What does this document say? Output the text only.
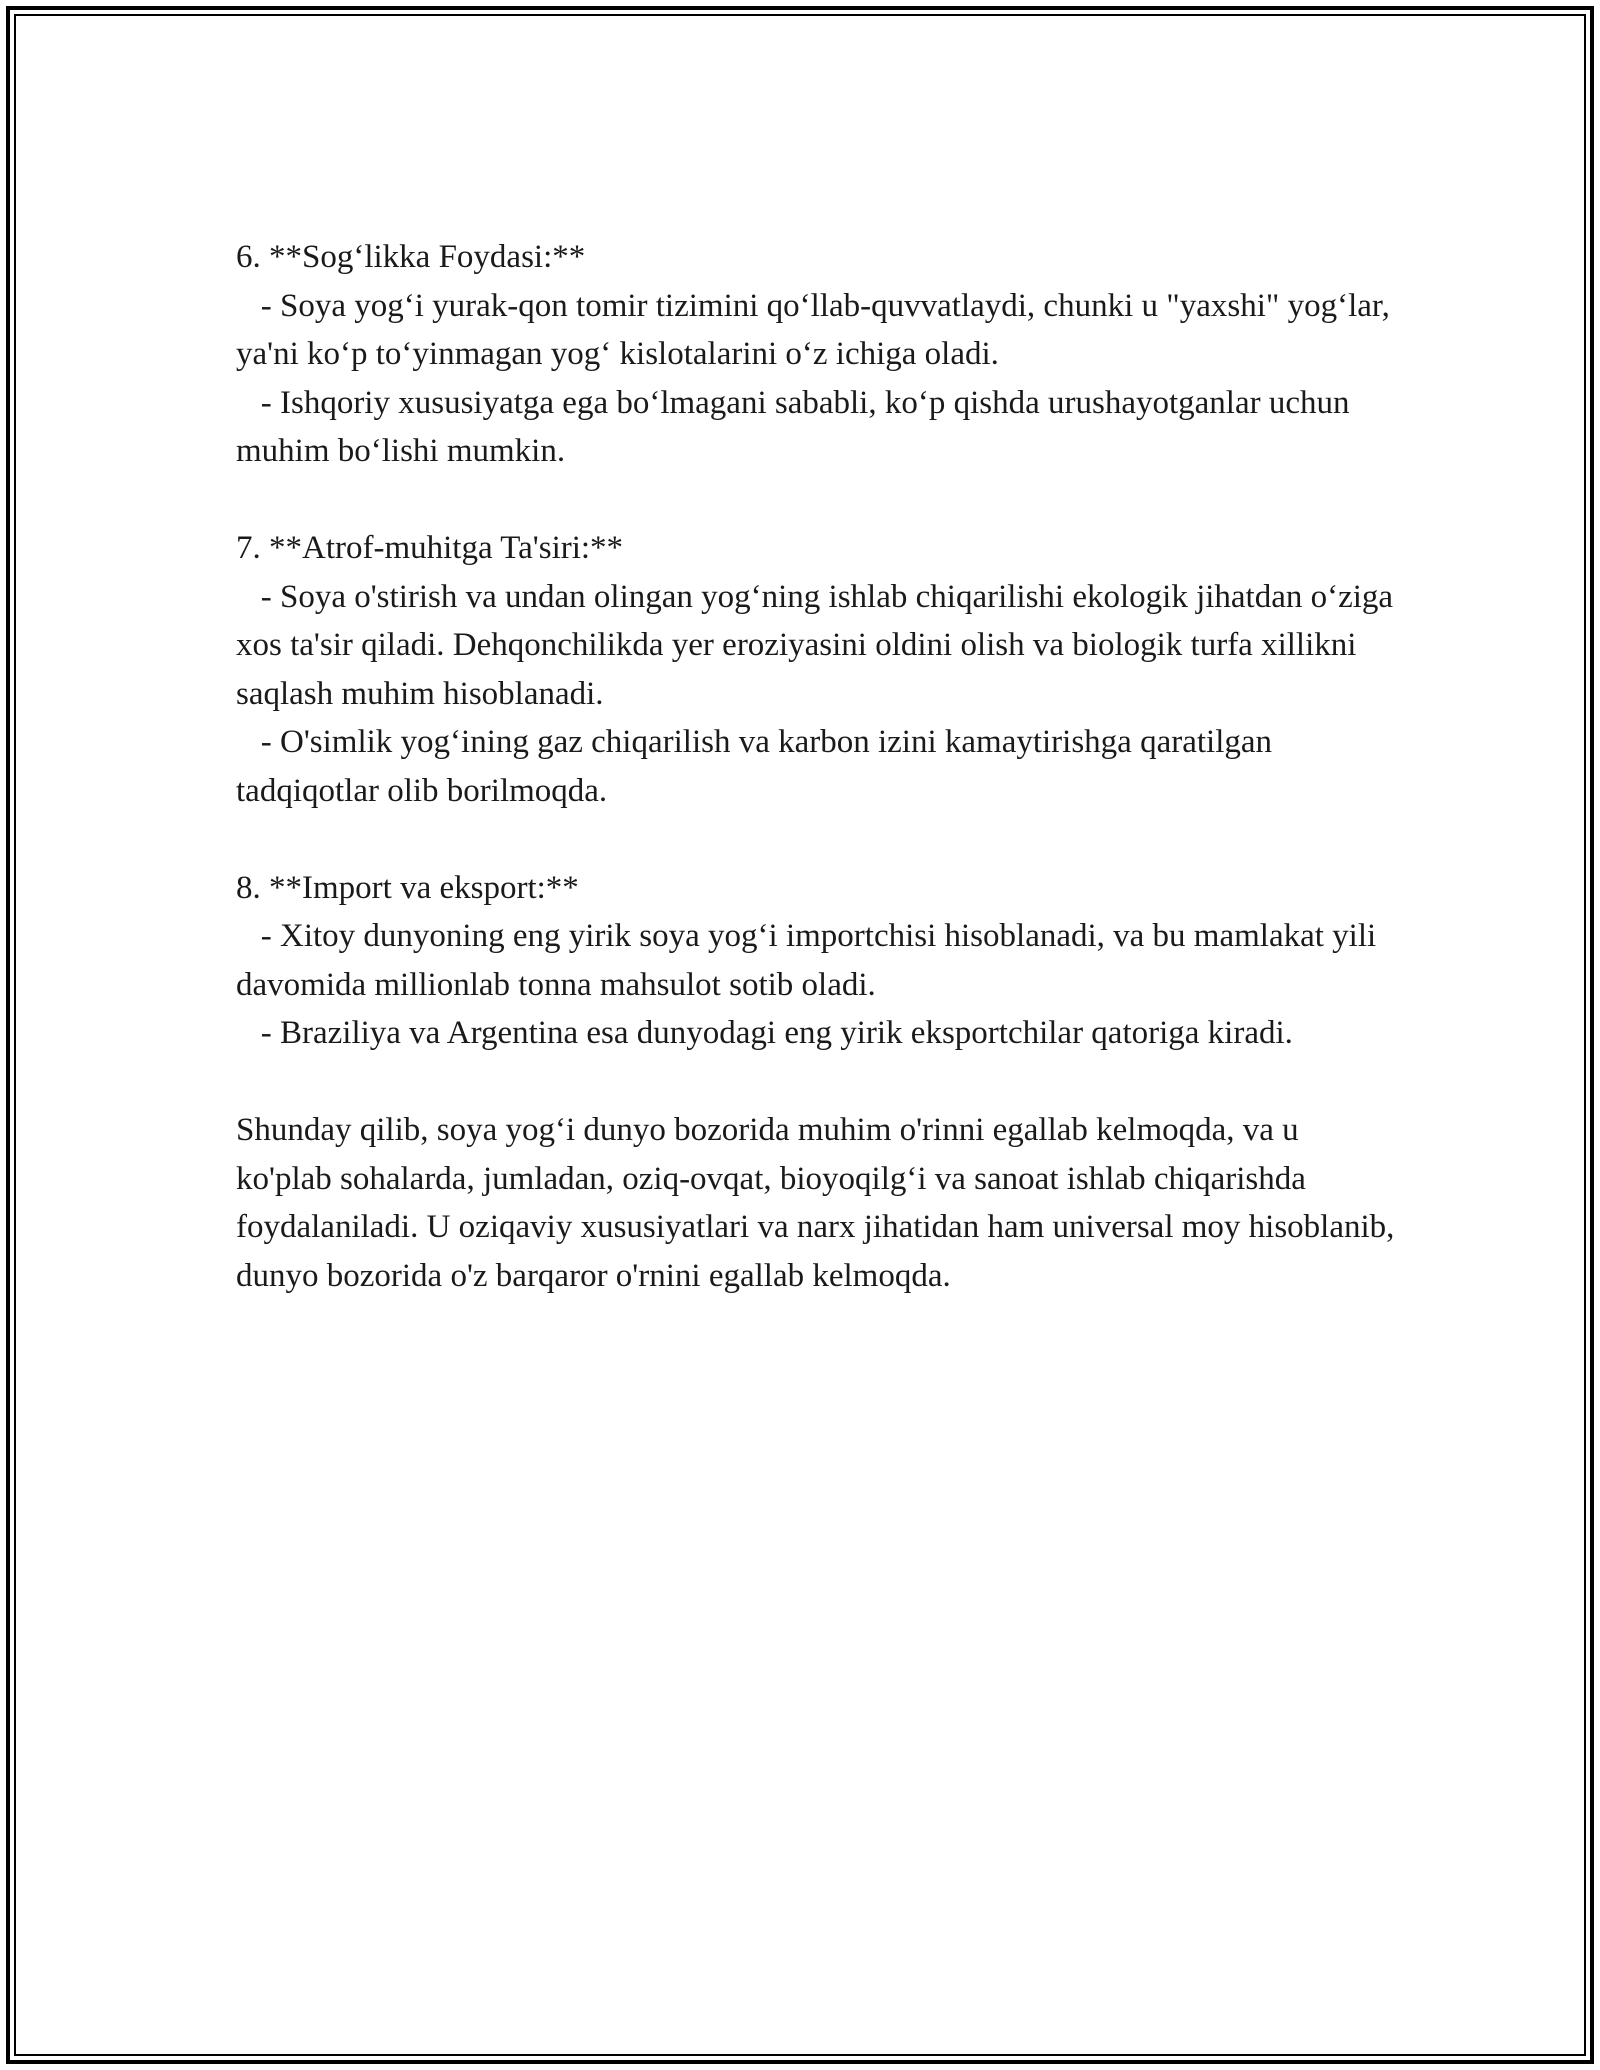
6. **Sog‘likka Foydasi:**

- Soya yog‘i yurak-qon tomir tizimini qo‘llab-quvvatlaydi, chunki u "yaxshi" yog‘lar, ya'ni ko‘p to‘yinmagan yog‘ kislotalarini o‘z ichiga oladi.

- Ishqoriy xususiyatga ega bo‘lmagani sababli, ko‘p qishda urushayotganlar uchun muhim bo‘lishi mumkin.

7. **Atrof-muhitga Ta'siri:**

- Soya o'stirish va undan olingan yog‘ning ishlab chiqarilishi ekologik jihatdan o‘ziga xos ta'sir qiladi. Dehqonchilikda yer eroziyasini oldini olish va biologik turfa xillikni saqlash muhim hisoblanadi.

- O'simlik yog‘ining gaz chiqarilish va karbon izini kamaytirishga qaratilgan tadqiqotlar olib borilmoqda.

8. **Import va eksport:**

- Xitoy dunyoning eng yirik soya yog‘i importchisi hisoblanadi, va bu mamlakat yili davomida millionlab tonna mahsulot sotib oladi.

- Braziliya va Argentina esa dunyodagi eng yirik eksportchilar qatoriga kiradi.

Shunday qilib, soya yog‘i dunyo bozorida muhim o'rinni egallab kelmoqda, va u ko'plab sohalarda, jumladan, oziq-ovqat, bioyoqilg‘i va sanoat ishlab chiqarishda foydalaniladi. U oziqaviy xususiyatlari va narx jihatidan ham universal moy hisoblanib, dunyo bozorida o'z barqaror o'rnini egallab kelmoqda.
